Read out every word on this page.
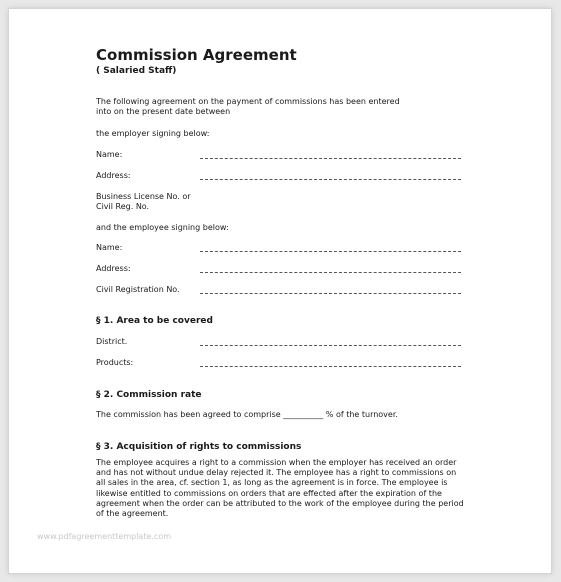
Commission Agreement
( Salaried Staff)
The following agreement on the payment of commissions has been entered
into on the present date between
the employer signing below:
Name:
Address:
Business License No. or
Civil Reg. No.
and the employee signing below:
Name:
Address:
Civil Registration No.
§ 1. Area to be covered
District.
Products:
§ 2. Commission rate
The commission has been agreed to comprise __________ % of the turnover.
§ 3. Acquisition of rights to commissions
The employee acquires a right to a commission when the employer has received an order and has not without undue delay rejected it. The employee has a right to commissions on all sales in the area, cf. section 1, as long as the agreement is in force. The employee is likewise entitled to commissions on orders that are effected after the expiration of the agreement when the order can be attributed to the work of the employee during the period of the agreement.
www.pdfagreementtemplate.com
